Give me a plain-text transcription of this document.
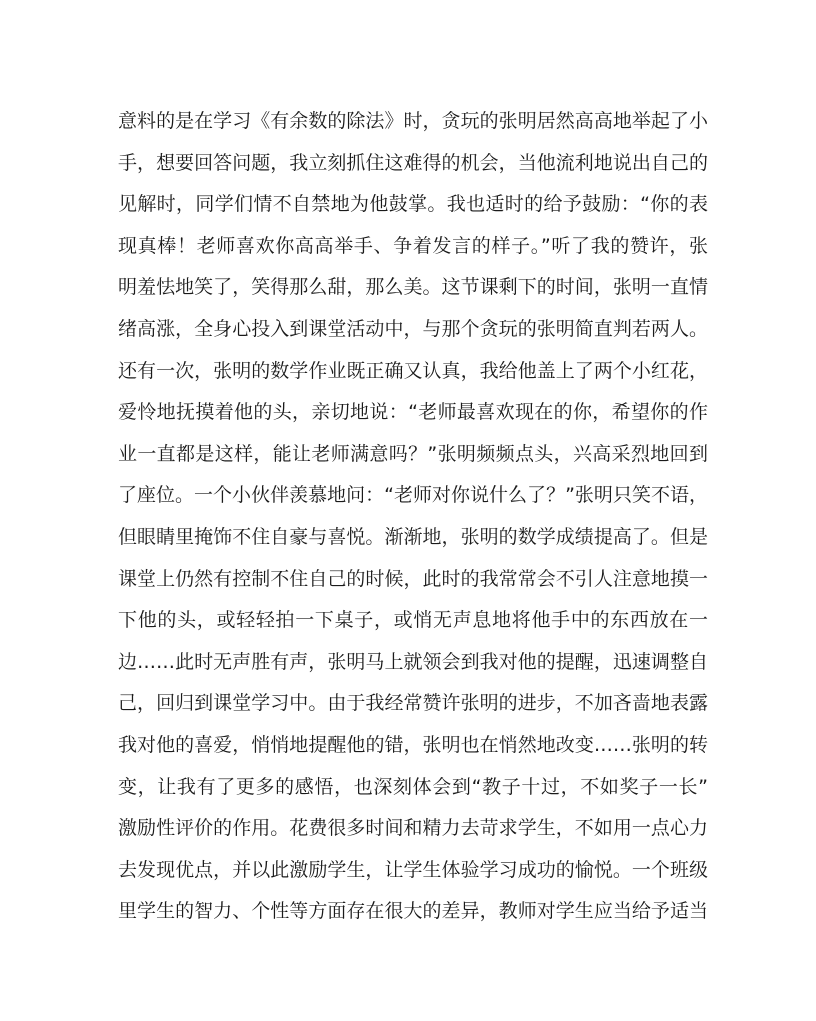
意料的是在学习《有余数的除法》时，贪玩的张明居然高高地举起了小
手，想要回答问题，我立刻抓住这难得的机会，当他流利地说出自己的
见解时，同学们情不自禁地为他鼓掌。我也适时的给予鼓励：“你的表
现真棒！老师喜欢你高高举手、争着发言的样子。”听了我的赞许，张
明羞怯地笑了，笑得那么甜，那么美。这节课剩下的时间，张明一直情
绪高涨，全身心投入到课堂活动中，与那个贪玩的张明简直判若两人。
还有一次，张明的数学作业既正确又认真，我给他盖上了两个小红花，
爱怜地抚摸着他的头，亲切地说：“老师最喜欢现在的你，希望你的作
业一直都是这样，能让老师满意吗？”张明频频点头，兴高采烈地回到
了座位。一个小伙伴羡慕地问：“老师对你说什么了？”张明只笑不语，
但眼睛里掩饰不住自豪与喜悦。渐渐地，张明的数学成绩提高了。但是
课堂上仍然有控制不住自己的时候，此时的我常常会不引人注意地摸一
下他的头，或轻轻拍一下桌子，或悄无声息地将他手中的东西放在一
边……此时无声胜有声，张明马上就领会到我对他的提醒，迅速调整自
己，回归到课堂学习中。由于我经常赞许张明的进步，不加吝啬地表露
我对他的喜爱，悄悄地提醒他的错，张明也在悄然地改变……张明的转
变，让我有了更多的感悟，也深刻体会到“教子十过，不如奖子一长”
激励性评价的作用。花费很多时间和精力去苛求学生，不如用一点心力
去发现优点，并以此激励学生，让学生体验学习成功的愉悦。一个班级
里学生的智力、个性等方面存在很大的差异，教师对学生应当给予适当
